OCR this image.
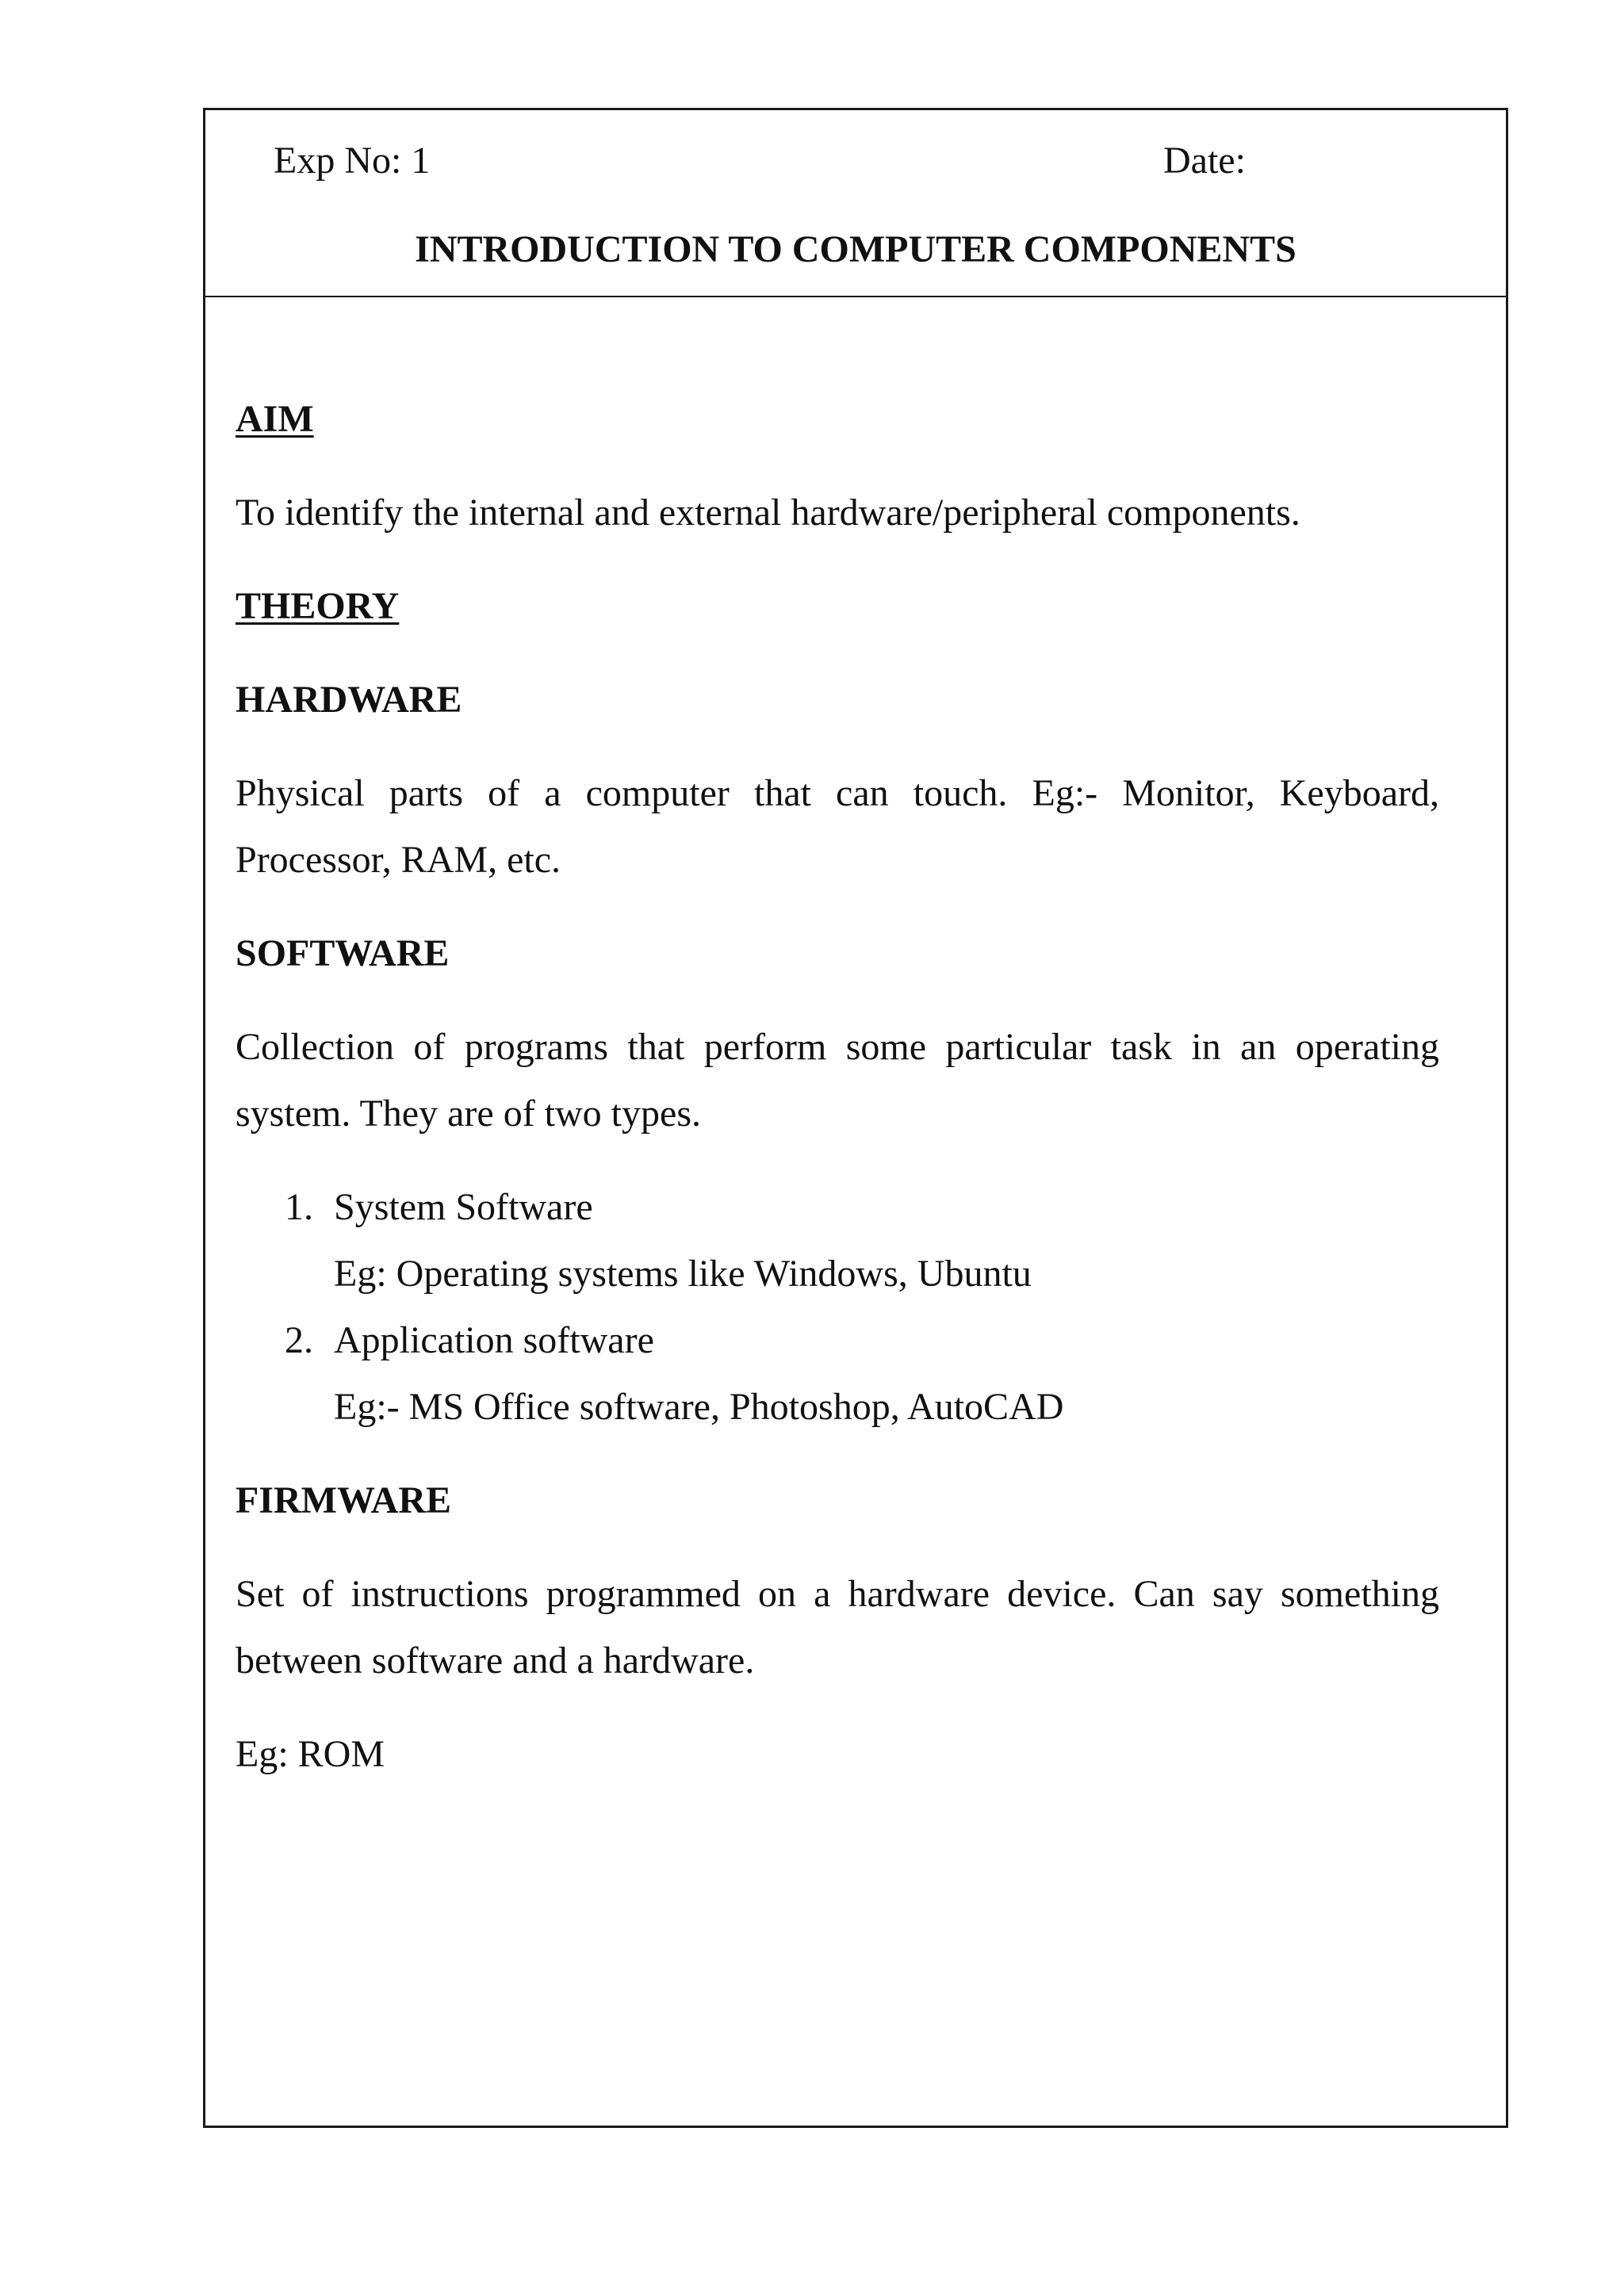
Exp No: 1	Date:
INTRODUCTION TO COMPUTER COMPONENTS

AIM

To identify the internal and external hardware/peripheral components.

THEORY

HARDWARE

Physical parts of a computer that can touch. Eg:- Monitor, Keyboard, Processor, RAM, etc.

SOFTWARE

Collection of programs that perform some particular task in an operating system. They are of two types.

1. System Software
Eg: Operating systems like Windows, Ubuntu
2. Application software
Eg:- MS Office software, Photoshop, AutoCAD

FIRMWARE

Set of instructions programmed on a hardware device. Can say something between software and a hardware.

Eg: ROM
